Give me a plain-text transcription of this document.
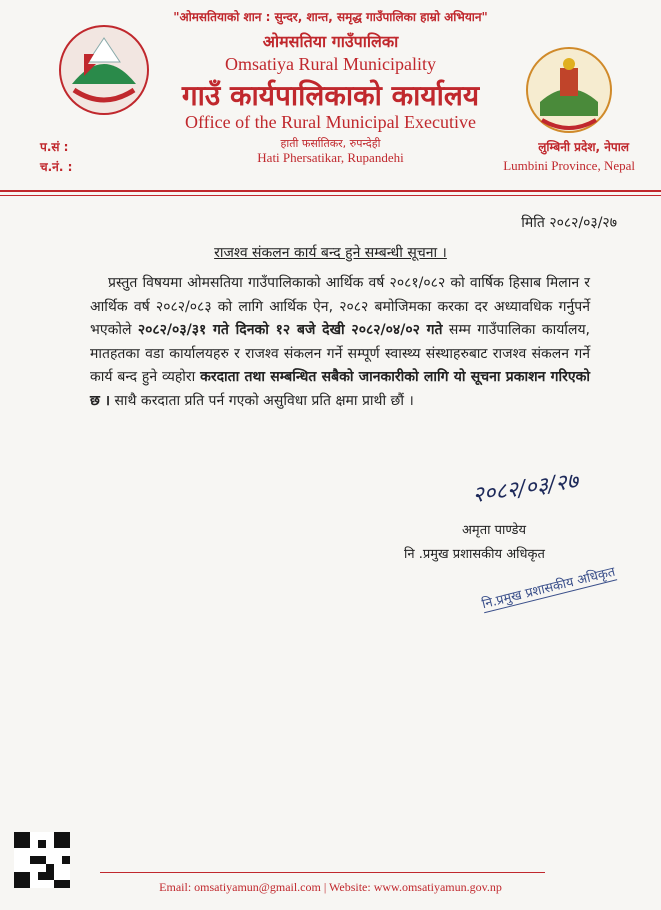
"ओमसतियाको शान : सुन्दर, शान्त, समृद्ध गाउँपालिका हाम्रो अभियान"
ओमसतिया गाउँपालिका
Omsatiya Rural Municipality
गाउँ कार्यपालिकाको कार्यालय
Office of the Rural Municipal Executive
हाती फर्सातिकर, रुपन्देही
Hati Phersatikar, Rupandehi
प.सं :
च.नं. :
लुम्बिनी प्रदेश, नेपाल
Lumbini Province, Nepal
मिति २०८२/०३/२७
राजश्व संकलन कार्य बन्द हुने सम्बन्धी सूचना ।
प्रस्तुत विषयमा ओमसतिया गाउँपालिकाको आर्थिक वर्ष २०८१/०८२ को वार्षिक हिसाब मिलान र आर्थिक वर्ष २०८२/०८३ को लागि आर्थिक ऐन, २०८२ बमोजिमका करका दर अध्यावधिक गर्नुपर्ने भएकोले २०८२/०३/३१ गते दिनको १२ बजे देखी २०८२/०४/०२ गते सम्म गाउँपालिका कार्यालय, मातहतका वडा कार्यालयहरु र राजश्व संकलन गर्ने सम्पूर्ण स्वास्थ्य संस्थाहरुबाट राजश्व संकलन गर्ने कार्य बन्द हुने व्यहोरा करदाता तथा सम्बन्धित सबैको जानकारीको लागि यो सूचना प्रकाशन गरिएको छ । साथै करदाता प्रति पर्न गएको असुविधा प्रति क्षमा प्राथी छौं ।
२०८२/०३/२७
अमृता पाण्डेय
नि .प्रमुख प्रशासकीय अधिकृत
नि.प्रमुख प्रशासकीय अधिकृत
Email: omsatiyamun@gmail.com | Website: www.omsatiyamun.gov.np
